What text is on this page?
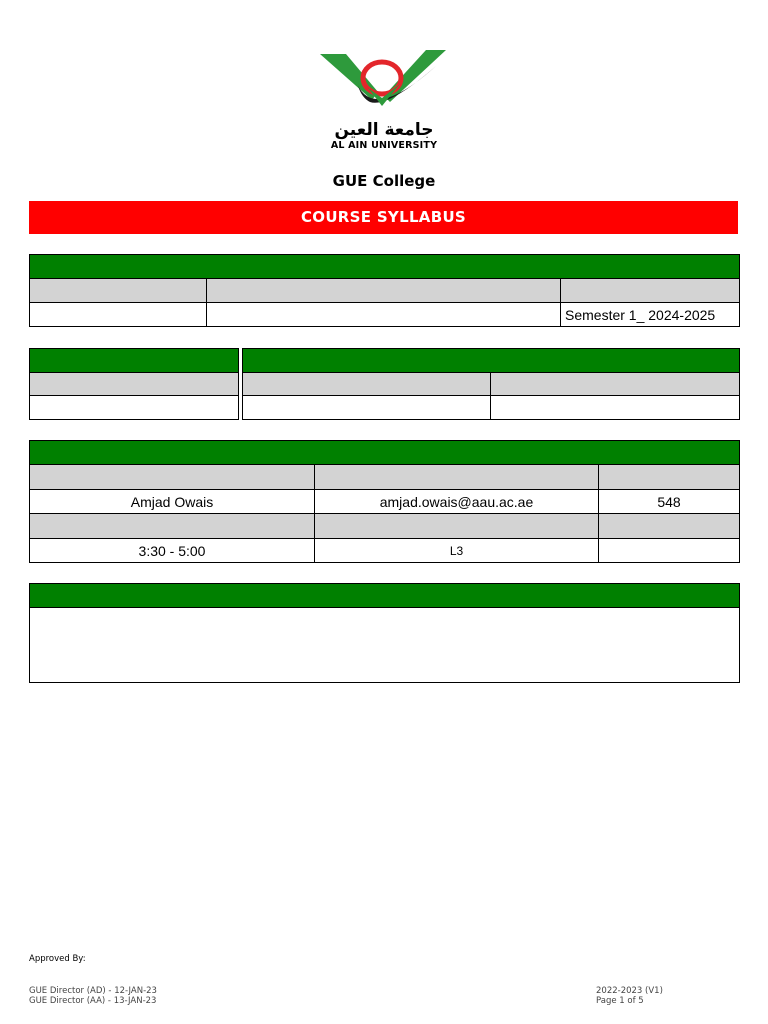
جامعة العين
AL AIN UNIVERSITY
GUE College
COURSE SYLLABUS

		Semester 1_ 2024-2025

Amjad Owais	amjad.owais@aau.ac.ae	548

3:30 - 5:00	L3	

Approved By:
GUE Director (AD) - 12-JAN-23
GUE Director (AA) - 13-JAN-23
2022-2023 (V1)
Page 1 of 5
